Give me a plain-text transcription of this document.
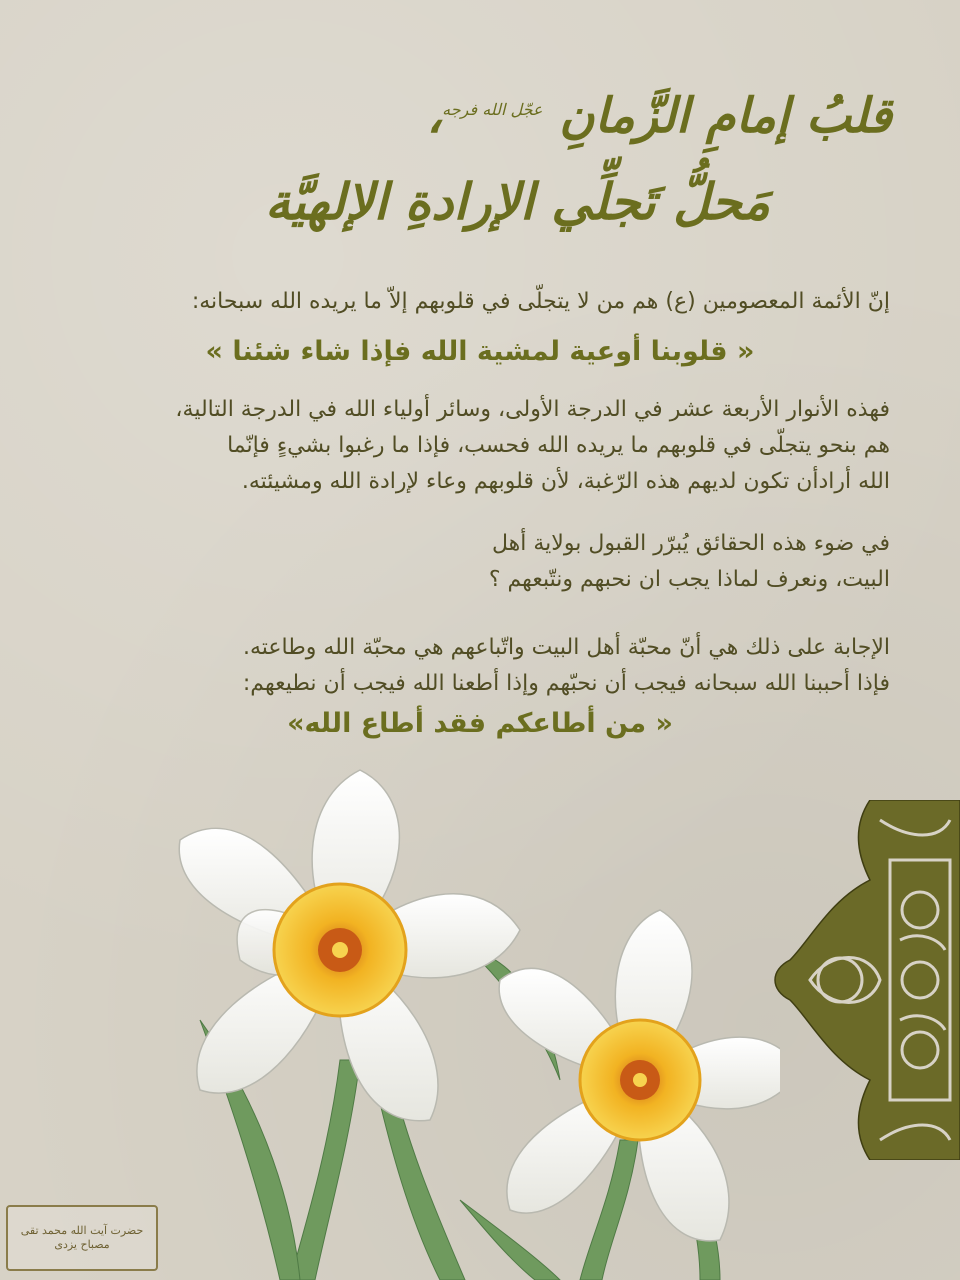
قلبُ إمامِ الزَّمانِ $^{عجّل الله فرجه}$،
مَحلُّ تَجلِّي الإرادةِ الإلهيَّة
إنّ الأئمة المعصومين (ع) هم من لا يتجلّى في قلوبهم إلاّ ما يريده الله سبحانه:
« قلوبنا أوعية لمشية الله فإذا شاء شئنا »
فهذه الأنوار الأربعة عشر في الدرجة الأولى، وسائر أولياء الله في الدرجة التالية،
هم بنحو يتجلّى في قلوبهم ما يريده الله فحسب، فإذا ما رغبوا بشيءٍ فإنّما
الله أرادأن تكون لديهم هذه الرّغبة، لأن قلوبهم وعاء لإرادة الله ومشيئته.
في ضوء هذه الحقائق يُبرّر القبول بولاية أهل
البيت، ونعرف لماذا يجب ان نحبهم ونتّبعهم ؟
الإجابة على ذلك هي أنّ محبّة أهل البيت واتّباعهم هي محبّة الله وطاعته.
فإذا أحببنا الله سبحانه فيجب أن نحبّهم وإذا أطعنا الله فيجب أن نطيعهم:
« من أطاعكم فقد أطاع الله»
حضرت آیت الله محمد تقی مصباح یزدی
